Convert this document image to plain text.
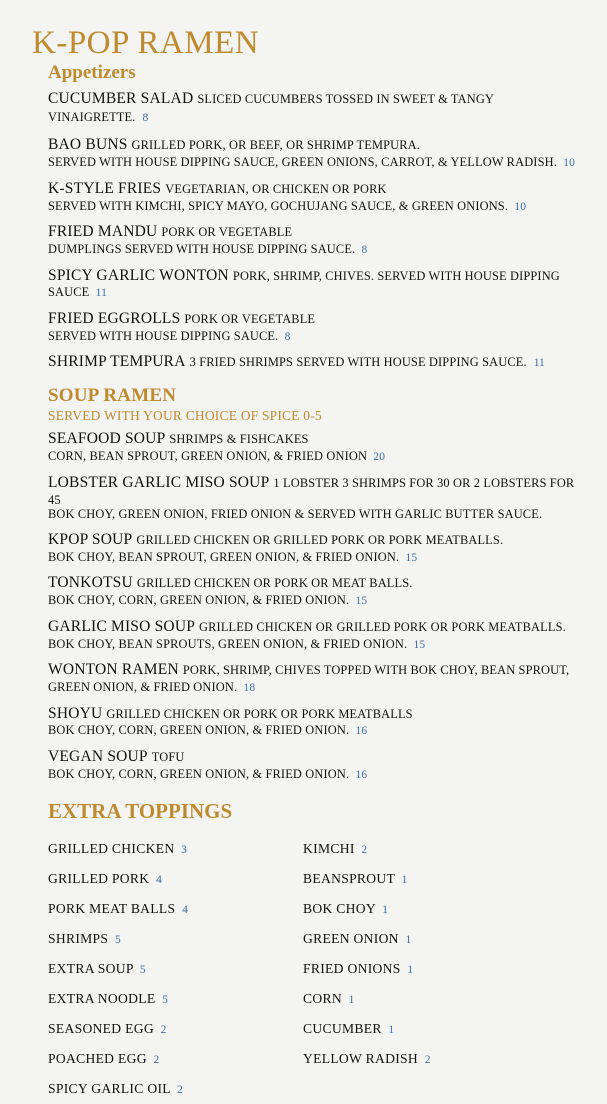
K-POP RAMEN
Appetizers
CUCUMBER SALAD SLICED CUCUMBERS TOSSED IN SWEET & TANGY VINAIGRETTE. 8
BAO BUNS GRILLED PORK, OR BEEF, OR SHRIMP TEMPURA.
SERVED WITH HOUSE DIPPING SAUCE, GREEN ONIONS, CARROT, & YELLOW RADISH. 10
K-STYLE FRIES VEGETARIAN, OR CHICKEN OR PORK
SERVED WITH KIMCHI, SPICY MAYO, GOCHUJANG SAUCE, & GREEN ONIONS. 10
FRIED MANDU PORK OR VEGETABLE
DUMPLINGS SERVED WITH HOUSE DIPPING SAUCE. 8
SPICY GARLIC WONTON PORK, SHRIMP, CHIVES. SERVED WITH HOUSE DIPPING
SAUCE 11
FRIED EGGROLLS PORK OR VEGETABLE
SERVED WITH HOUSE DIPPING SAUCE. 8
SHRIMP TEMPURA 3 FRIED SHRIMPS SERVED WITH HOUSE DIPPING SAUCE. 11
SOUP RAMEN
SERVED WITH YOUR CHOICE OF SPICE 0-5
SEAFOOD SOUP SHRIMPS & FISHCAKES
CORN, BEAN SPROUT, GREEN ONION, & FRIED ONION 20
LOBSTER GARLIC MISO SOUP 1 LOBSTER 3 SHRIMPS FOR 30 OR 2 LOBSTERS FOR
45
BOK CHOY, GREEN ONION, FRIED ONION & SERVED WITH GARLIC BUTTER SAUCE.
KPOP SOUP GRILLED CHICKEN OR GRILLED PORK OR PORK MEATBALLS.
BOK CHOY, BEAN SPROUT, GREEN ONION, & FRIED ONION. 15
TONKOTSU GRILLED CHICKEN OR PORK OR MEAT BALLS.
BOK CHOY, CORN, GREEN ONION, & FRIED ONION. 15
GARLIC MISO SOUP GRILLED CHICKEN OR GRILLED PORK OR PORK MEATBALLS.
BOK CHOY, BEAN SPROUTS, GREEN ONION, & FRIED ONION. 15
WONTON RAMEN PORK, SHRIMP, CHIVES TOPPED WITH BOK CHOY, BEAN SPROUT,
GREEN ONION, & FRIED ONION. 18
SHOYU GRILLED CHICKEN OR PORK OR PORK MEATBALLS
BOK CHOY, CORN, GREEN ONION, & FRIED ONION. 16
VEGAN SOUP TOFU
BOK CHOY, CORN, GREEN ONION, & FRIED ONION. 16
EXTRA TOPPINGS
GRILLED CHICKEN 3	KIMCHI 2
GRILLED PORK 4	BEANSPROUT 1
PORK MEAT BALLS 4	BOK CHOY 1
SHRIMPS 5	GREEN ONION 1
EXTRA SOUP 5	FRIED ONIONS 1
EXTRA NOODLE 5	CORN 1
SEASONED EGG 2	CUCUMBER 1
POACHED EGG 2	YELLOW RADISH 2
SPICY GARLIC OIL 2
